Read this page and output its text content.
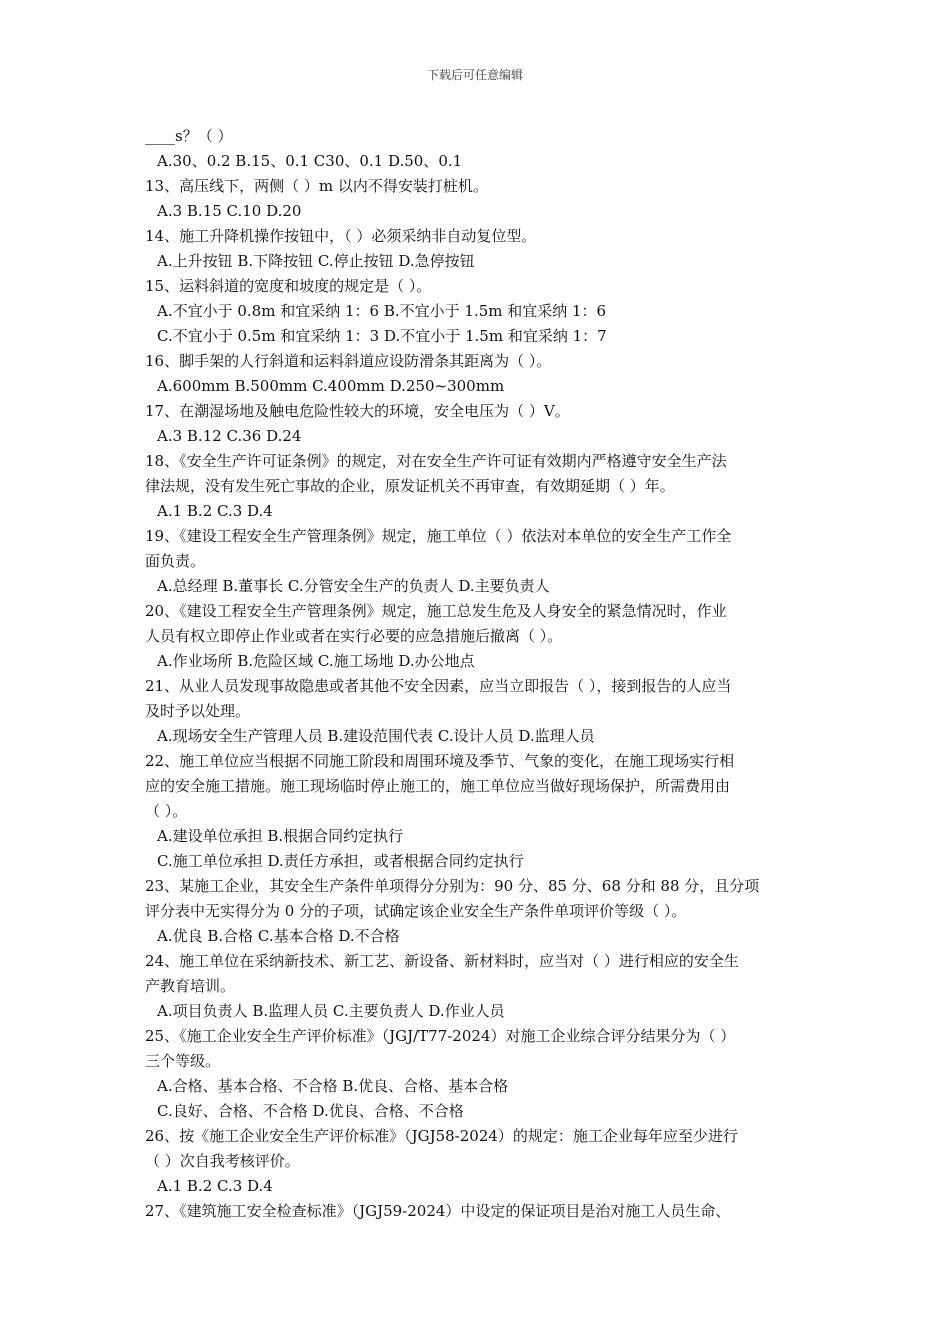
下载后可任意编辑
____s？（ ）
A.30、0.2 B.15、0.1 C30、0.1 D.50、0.1
13、高压线下，两侧（ ）m 以内不得安装打桩机。
A.3 B.15 C.10 D.20
14、施工升降机操作按钮中，（ ）必须采纳非自动复位型。
A.上升按钮 B.下降按钮 C.停止按钮 D.急停按钮
15、运料斜道的宽度和坡度的规定是（ ）。
A.不宜小于 0.8m 和宜采纳 1：6 B.不宜小于 1.5m 和宜采纳 1：6
C.不宜小于 0.5m 和宜采纳 1：3 D.不宜小于 1.5m 和宜采纳 1：7
16、脚手架的人行斜道和运料斜道应设防滑条其距离为（ ）。
A.600mm B.500mm C.400mm D.250~300mm
17、在潮湿场地及触电危险性较大的环境，安全电压为（ ）V。
A.3 B.12 C.36 D.24
18、《安全生产许可证条例》的规定，对在安全生产许可证有效期内严格遵守安全生产法
律法规，没有发生死亡事故的企业，原发证机关不再审查，有效期延期（ ）年。
A.1 B.2 C.3 D.4
19、《建设工程安全生产管理条例》规定，施工单位（ ）依法对本单位的安全生产工作全
面负责。
A.总经理 B.董事长 C.分管安全生产的负责人 D.主要负责人
20、《建设工程安全生产管理条例》规定，施工总发生危及人身安全的紧急情况时，作业
人员有权立即停止作业或者在实行必要的应急措施后撤离（ ）。
A.作业场所 B.危险区域 C.施工场地 D.办公地点
21、从业人员发现事故隐患或者其他不安全因素，应当立即报告（ ），接到报告的人应当
及时予以处理。
A.现场安全生产管理人员 B.建设范围代表 C.设计人员 D.监理人员
22、施工单位应当根据不同施工阶段和周围环境及季节、气象的变化，在施工现场实行相
应的安全施工措施。施工现场临时停止施工的，施工单位应当做好现场保护，所需费用由
（ ）。
A.建设单位承担 B.根据合同约定执行
C.施工单位承担 D.责任方承担，或者根据合同约定执行
23、某施工企业，其安全生产条件单项得分分别为：90 分、85 分、68 分和 88 分，且分项
评分表中无实得分为 0 分的子项，试确定该企业安全生产条件单项评价等级（ ）。
A.优良 B.合格 C.基本合格 D.不合格
24、施工单位在采纳新技术、新工艺、新设备、新材料时，应当对（ ）进行相应的安全生
产教育培训。
A.项目负责人 B.监理人员 C.主要负责人 D.作业人员
25、《施工企业安全生产评价标准》（JGJ/T77-2024）对施工企业综合评分结果分为（ ）
三个等级。
A.合格、基本合格、不合格 B.优良、合格、基本合格
C.良好、合格、不合格 D.优良、合格、不合格
26、按《施工企业安全生产评价标准》（JGJ58-2024）的规定：施工企业每年应至少进行
（ ）次自我考核评价。
A.1 B.2 C.3 D.4
27、《建筑施工安全检查标准》（JGJ59-2024）中设定的保证项目是治对施工人员生命、
